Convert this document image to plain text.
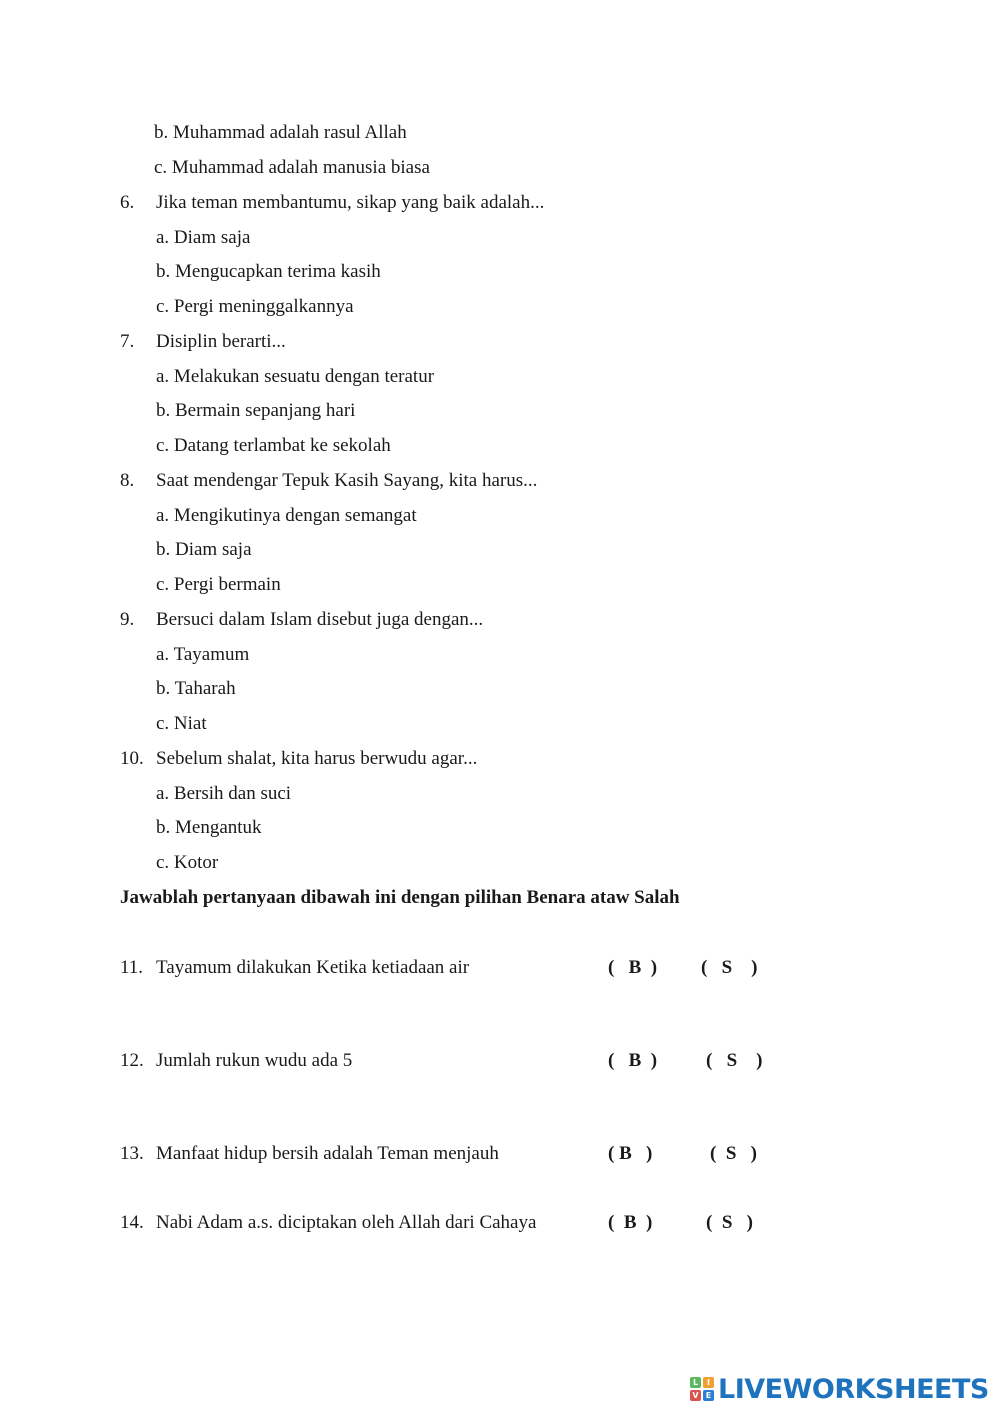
b. Muhammad adalah rasul Allah
c. Muhammad adalah manusia biasa
6. Jika teman membantumu, sikap yang baik adalah...
a. Diam saja
b. Mengucapkan terima kasih
c. Pergi meninggalkannya
7. Disiplin berarti...
a. Melakukan sesuatu dengan teratur
b. Bermain sepanjang hari
c. Datang terlambat ke sekolah
8. Saat mendengar Tepuk Kasih Sayang, kita harus...
a. Mengikutinya dengan semangat
b. Diam saja
c. Pergi bermain
9. Bersuci dalam Islam disebut juga dengan...
a. Tayamum
b. Taharah
c. Niat
10. Sebelum shalat, kita harus berwudu agar...
a. Bersih dan suci
b. Mengantuk
c. Kotor
Jawablah pertanyaan dibawah ini dengan pilihan Benara ataw Salah
11. Tayamum dilakukan Ketika ketiadaan air	(   B  ) (   S    )
12. Jumlah rukun wudu ada 5	(   B  )	(   S    )
13. Manfaat hidup bersih adalah Teman menjauh	( B   )	(  S   )
14. Nabi Adam a.s. diciptakan oleh Allah dari Cahaya	(  B  )	(  S   )
L	I
V E LIVEWORKSHEETS
